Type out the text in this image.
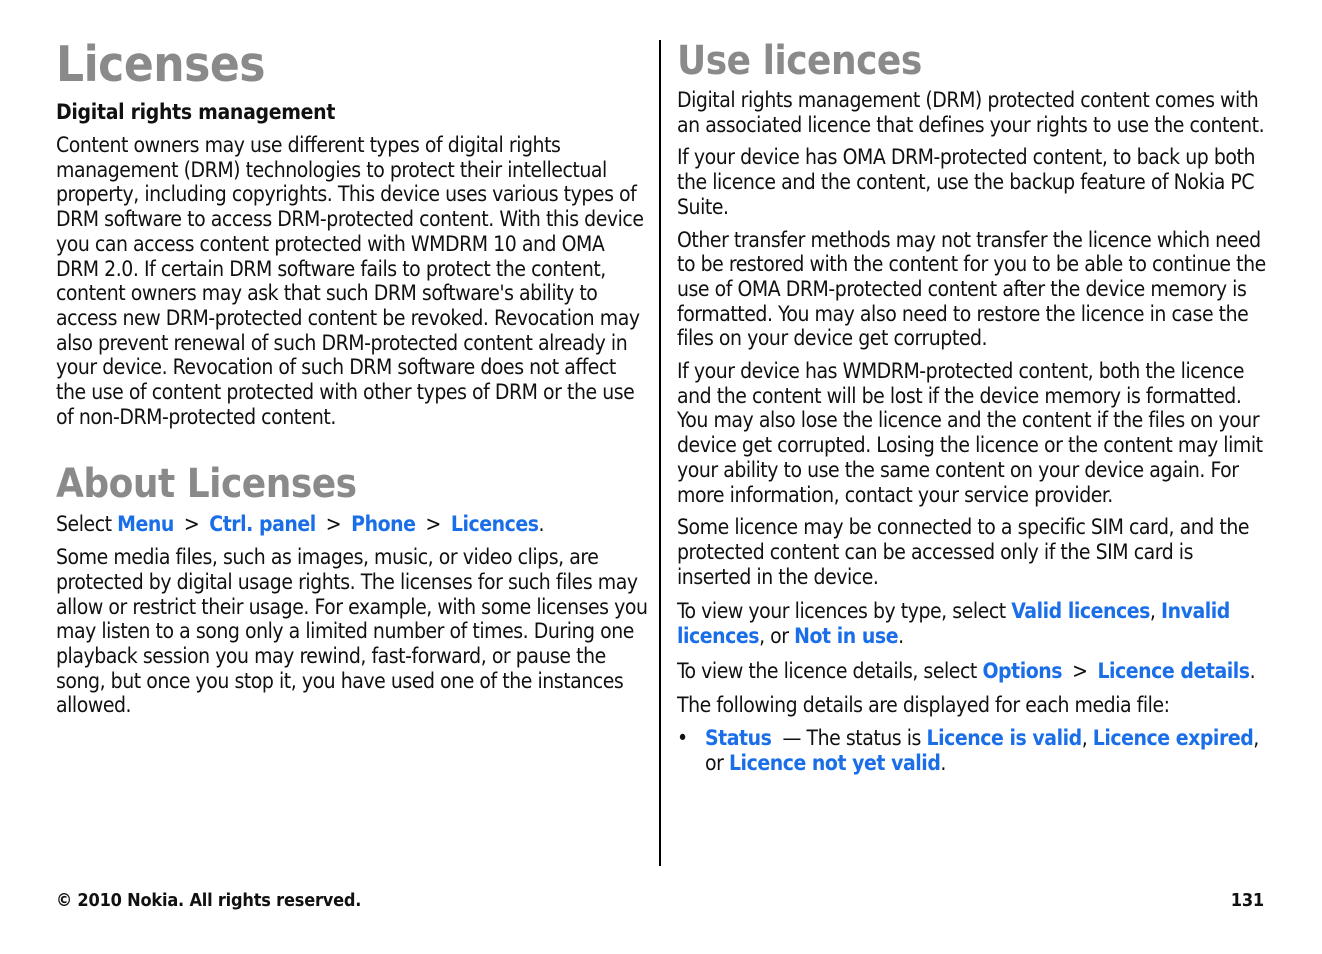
Licenses
Digital rights management

Content owners may use different types of digital rights management (DRM) technologies to protect their intellectual property, including copyrights. This device uses various types of DRM software to access DRM-protected content. With this device you can access content protected with WMDRM 10 and OMA DRM 2.0. If certain DRM software fails to protect the content, content owners may ask that such DRM software's ability to access new DRM-protected content be revoked. Revocation may also prevent renewal of such DRM-protected content already in your device. Revocation of such DRM software does not affect the use of content protected with other types of DRM or the use of non-DRM-protected content.

About Licenses

Select Menu > Ctrl. panel > Phone > Licences.

Some media files, such as images, music, or video clips, are protected by digital usage rights. The licenses for such files may allow or restrict their usage. For example, with some licenses you may listen to a song only a limited number of times. During one playback session you may rewind, fast-forward, or pause the song, but once you stop it, you have used one of the instances allowed.

Use licences

Digital rights management (DRM) protected content comes with an associated licence that defines your rights to use the content.

If your device has OMA DRM-protected content, to back up both the licence and the content, use the backup feature of Nokia PC Suite.

Other transfer methods may not transfer the licence which need to be restored with the content for you to be able to continue the use of OMA DRM-protected content after the device memory is formatted. You may also need to restore the licence in case the files on your device get corrupted.

If your device has WMDRM-protected content, both the licence and the content will be lost if the device memory is formatted. You may also lose the licence and the content if the files on your device get corrupted. Losing the licence or the content may limit your ability to use the same content on your device again. For more information, contact your service provider.

Some licence may be connected to a specific SIM card, and the protected content can be accessed only if the SIM card is inserted in the device.

To view your licences by type, select Valid licences, Invalid licences, or Not in use.

To view the licence details, select Options > Licence details.

The following details are displayed for each media file:

• Status  — The status is Licence is valid, Licence expired, or Licence not yet valid.
© 2010 Nokia. All rights reserved.	131
